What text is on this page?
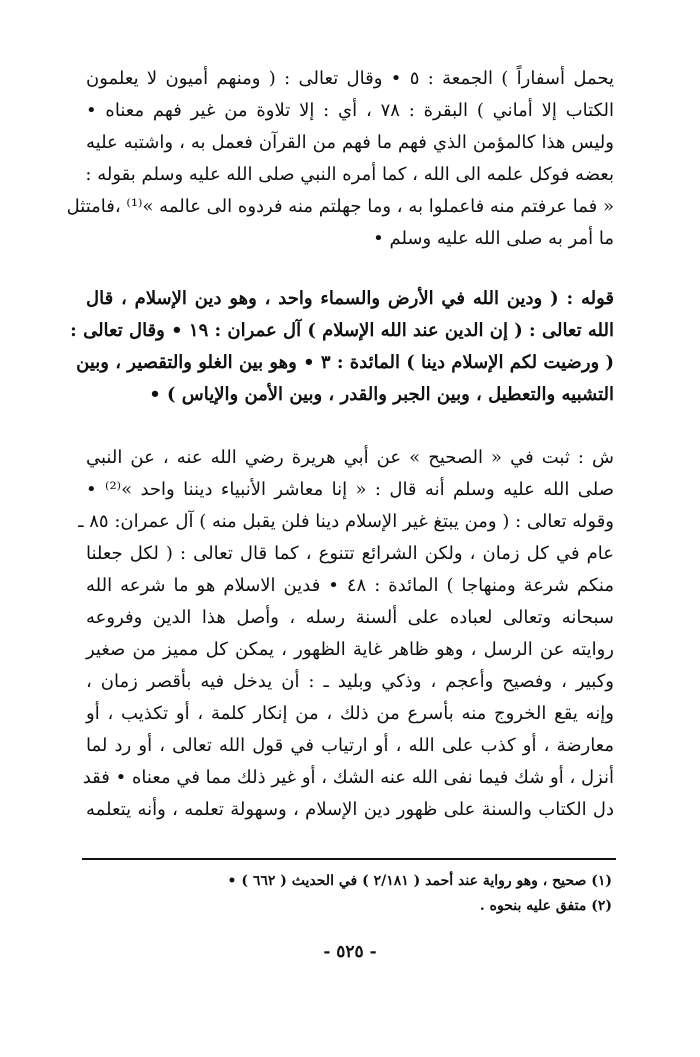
يحمل أسفاراً ) الجمعة : ٥ • وقال تعالى : ( ومنهم أميون لا يعلمون
الكتاب إلا أماني ) البقرة : ٧٨ ، أي : إلا تلاوة من غير فهم معناه •
وليس هذا كالمؤمن الذي فهم ما فهم من القرآن فعمل به ، واشتبه عليه
بعضه فوكل علمه الى الله ، كما أمره النبي صلى الله عليه وسلم بقوله :
« فما عرفتم منه فاعملوا به ، وما جهلتم منه فردوه الى عالمه »⁽¹⁾ ،فامتثل
ما أمر به صلى الله عليه وسلم •
قوله : ( ودين الله في الأرض والسماء واحد ، وهو دين الإسلام ، قال
الله تعالى : ( إن الدين عند الله الإسلام ) آل عمران : ١٩ • وقال تعالى :
( ورضيت لكم الإسلام دينا ) المائدة : ٣ • وهو بين الغلو والتقصير ، وبين
التشبيه والتعطيل ، وبين الجبر والقدر ، وبين الأمن والإياس ) •
ش : ثبت في « الصحيح » عن أبي هريرة رضي الله عنه ، عن النبي
صلى الله عليه وسلم أنه قال : « إنا معاشر الأنبياء ديننا واحد »⁽²⁾ •
وقوله تعالى : ( ومن يبتغ غير الإسلام دينا فلن يقبل منه ) آل عمران: ٨٥ ـ
عام في كل زمان ، ولكن الشرائع تتنوع ، كما قال تعالى : ( لكل جعلنا
منكم شرعة ومنهاجا ) المائدة : ٤٨ • فدين الاسلام هو ما شرعه الله
سبحانه وتعالى لعباده على ألسنة رسله ، وأصل هذا الدين وفروعه
روايته عن الرسل ، وهو ظاهر غاية الظهور ، يمكن كل مميز من صغير
وكبير ، وفصيح وأعجم ، وذكي وبليد ـ : أن يدخل فيه بأقصر زمان ،
وإنه يقع الخروج منه بأسرع من ذلك ، من إنكار كلمة ، أو تكذيب ، أو
معارضة ، أو كذب على الله ، أو ارتياب في قول الله تعالى ، أو رد لما
أنزل ، أو شك فيما نفى الله عنه الشك ، أو غير ذلك مما في معناه • فقد
دل الكتاب والسنة على ظهور دين الإسلام ، وسهولة تعلمه ، وأنه يتعلمه
(١) صحيح ، وهو رواية عند أحمد ( ٢/١٨١ ) في الحديث ( ٦٦٢ ) •
(٢) متفق عليه بنحوه .
- ٥٢٥ -
